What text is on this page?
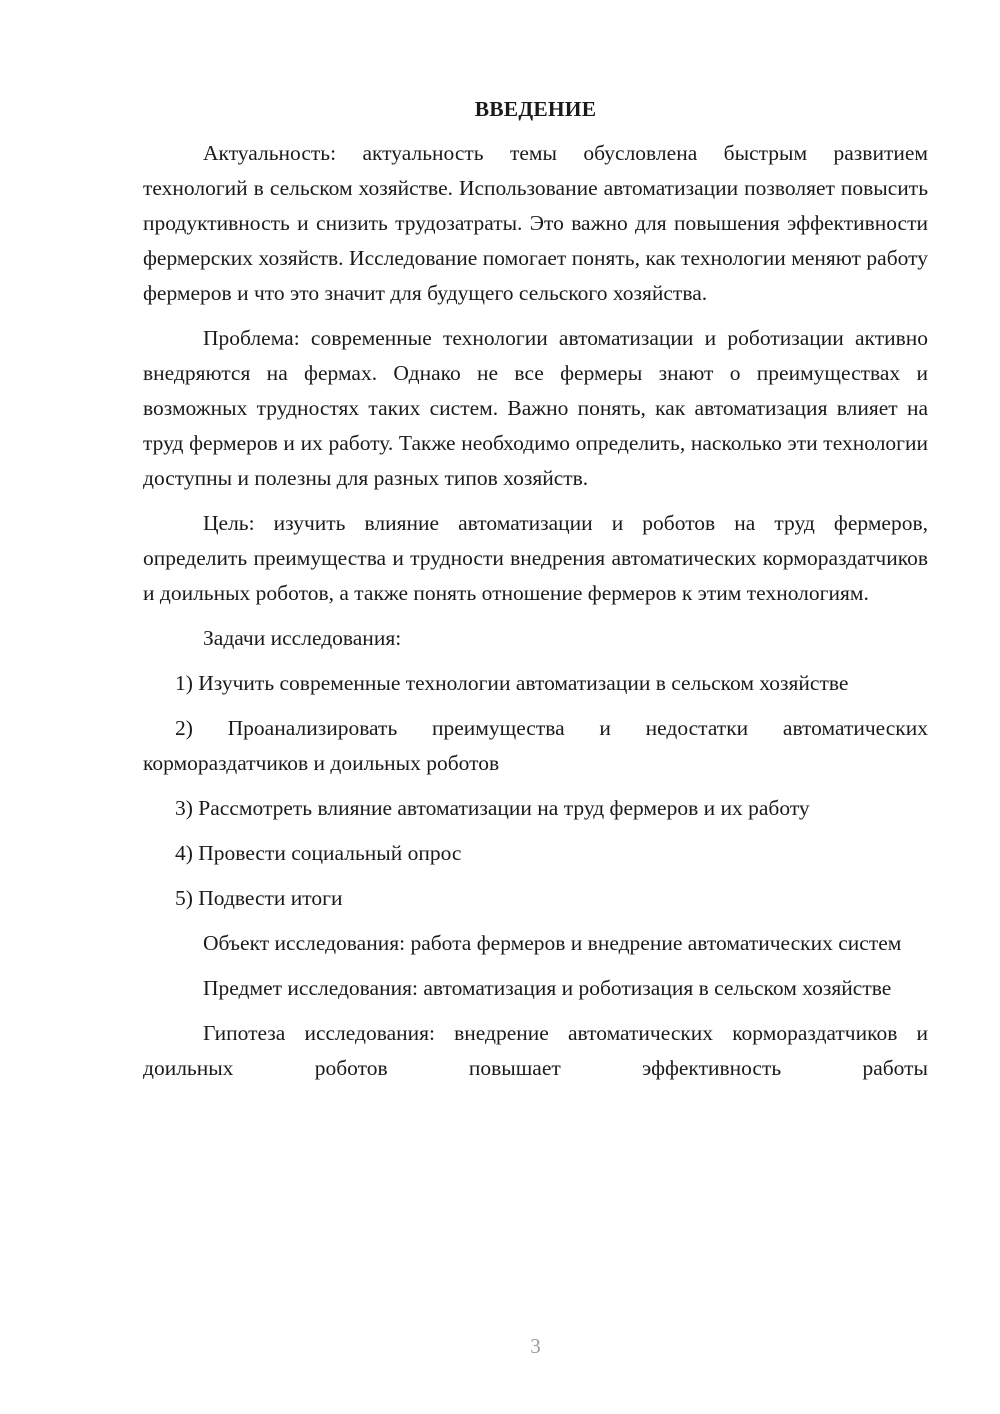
ВВЕДЕНИЕ

Актуальность: актуальность темы обусловлена быстрым развитием технологий в сельском хозяйстве. Использование автоматизации позволяет повысить продуктивность и снизить трудозатраты. Это важно для повышения эффективности фермерских хозяйств. Исследование помогает понять, как технологии меняют работу фермеров и что это значит для будущего сельского хозяйства.

Проблема: современные технологии автоматизации и роботизации активно внедряются на фермах. Однако не все фермеры знают о преимуществах и возможных трудностях таких систем. Важно понять, как автоматизация влияет на труд фермеров и их работу. Также необходимо определить, насколько эти технологии доступны и полезны для разных типов хозяйств.

Цель: изучить влияние автоматизации и роботов на труд фермеров, определить преимущества и трудности внедрения автоматических кормораздатчиков и доильных роботов, а также понять отношение фермеров к этим технологиям.

Задачи исследования:

1) Изучить современные технологии автоматизации в сельском хозяйстве

2) Проанализировать преимущества и недостатки автоматических кормораздатчиков и доильных роботов

3) Рассмотреть влияние автоматизации на труд фермеров и их работу

4) Провести социальный опрос

5) Подвести итоги

Объект исследования: работа фермеров и внедрение автоматических систем

Предмет исследования: автоматизация и роботизация в сельском хозяйстве

Гипотеза исследования: внедрение автоматических кормораздатчиков и доильных роботов повышает эффективность работы

3
